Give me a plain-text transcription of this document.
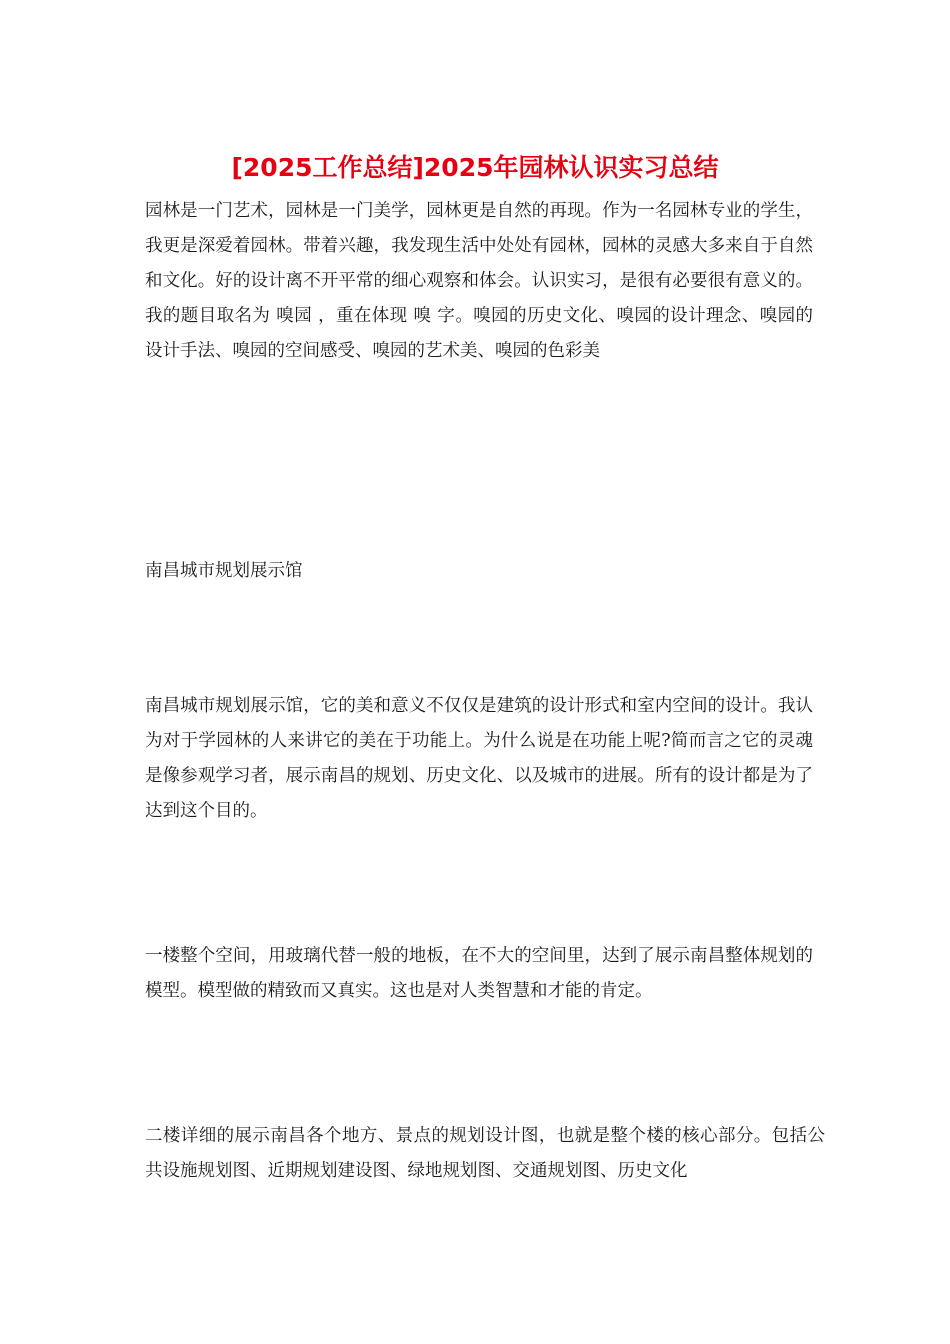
[2025工作总结]2025年园林认识实习总结

园林是一门艺术，园林是一门美学，园林更是自然的再现。作为一名园林专业的学生，我更是深爱着园林。带着兴趣，我发现生活中处处有园林，园林的灵感大多来自于自然和文化。好的设计离不开平常的细心观察和体会。认识实习，是很有必要很有意义的。我的题目取名为 嗅园 ，重在体现 嗅 字。嗅园的历史文化、嗅园的设计理念、嗅园的设计手法、嗅园的空间感受、嗅园的艺术美、嗅园的色彩美

南昌城市规划展示馆

南昌城市规划展示馆，它的美和意义不仅仅是建筑的设计形式和室内空间的设计。我认为对于学园林的人来讲它的美在于功能上。为什么说是在功能上呢?简而言之它的灵魂是像参观学习者，展示南昌的规划、历史文化、以及城市的进展。所有的设计都是为了达到这个目的。

一楼整个空间，用玻璃代替一般的地板，在不大的空间里，达到了展示南昌整体规划的模型。模型做的精致而又真实。这也是对人类智慧和才能的肯定。

二楼详细的展示南昌各个地方、景点的规划设计图，也就是整个楼的核心部分。包括公共设施规划图、近期规划建设图、绿地规划图、交通规划图、历史文化
